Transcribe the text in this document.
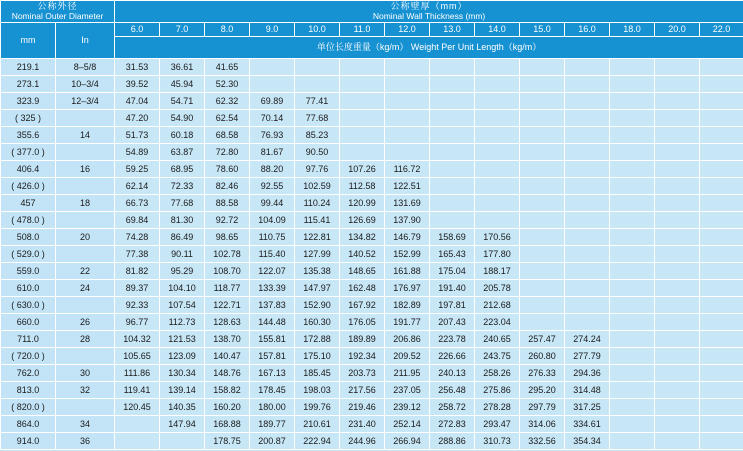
公称外径
Nominal Outer Diameter		公称壁厚（mm）
Nominal Wall Thickness (mm)													

mm	In	6.0	7.0	8.0	9.0	10.0	11.0	12.0	13.0	14.0	15.0	16.0	18.0	20.0	22.0
		单位长度重量（kg/m） Weight Per Unit Length（kg/m）													
219.1	8–5/8	31.53	36.61	41.65											
273.1	10–3/4	39.52	45.94	52.30											
323.9	12–3/4	47.04	54.71	62.32	69.89	77.41									
( 325 )		47.20	54.90	62.54	70.14	77.68									
355.6	14	51.73	60.18	68.58	76.93	85.23									
( 377.0 )		54.89	63.87	72.80	81.67	90.50									
406.4	16	59.25	68.95	78.60	88.20	97.76	107.26	116.72							
( 426.0 )		62.14	72.33	82.46	92.55	102.59	112.58	122.51							
457	18	66.73	77.68	88.58	99.44	110.24	120.99	131.69							
( 478.0 )		69.84	81.30	92.72	104.09	115.41	126.69	137.90							
508.0	20	74.28	86.49	98.65	110.75	122.81	134.82	146.79	158.69	170.56					
( 529.0 )		77.38	90.11	102.78	115.40	127.99	140.52	152.99	165.43	177.80					
559.0	22	81.82	95.29	108.70	122.07	135.38	148.65	161.88	175.04	188.17					
610.0	24	89.37	104.10	118.77	133.39	147.97	162.48	176.97	191.40	205.78					
( 630.0 )		92.33	107.54	122.71	137.83	152.90	167.92	182.89	197.81	212.68					
660.0	26	96.77	112.73	128.63	144.48	160.30	176.05	191.77	207.43	223.04					
711.0	28	104.32	121.53	138.70	155.81	172.88	189.89	206.86	223.78	240.65	257.47	274.24			
( 720.0 )		105.65	123.09	140.47	157.81	175.10	192.34	209.52	226.66	243.75	260.80	277.79			
762.0	30	111.86	130.34	148.76	167.13	185.45	203.73	211.95	240.13	258.26	276.33	294.36			
813.0	32	119.41	139.14	158.82	178.45	198.03	217.56	237.05	256.48	275.86	295.20	314.48			
( 820.0 )		120.45	140.35	160.20	180.00	199.76	219.46	239.12	258.72	278.28	297.79	317.25			
864.0	34		147.94	168.88	189.77	210.61	231.40	252.14	272.83	293.47	314.06	334.61			
914.0	36			178.75	200.87	222.94	244.96	266.94	288.86	310.73	332.56	354.34			
